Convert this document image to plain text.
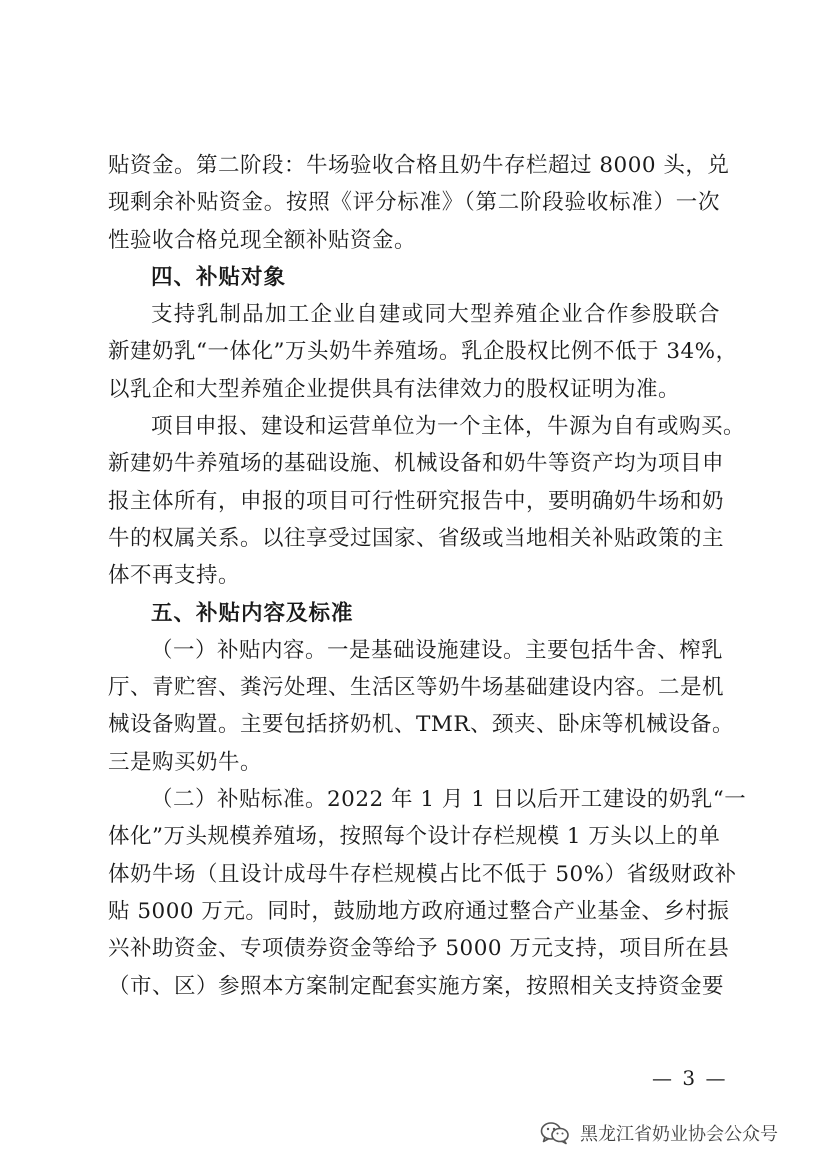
贴资金。第二阶段：牛场验收合格且奶牛存栏超过 8000 头，兑
现剩余补贴资金。按照《评分标准》（第二阶段验收标准）一次
性验收合格兑现全额补贴资金。
四、补贴对象
支持乳制品加工企业自建或同大型养殖企业合作参股联合
新建奶乳“一体化”万头奶牛养殖场。乳企股权比例不低于 34%，
以乳企和大型养殖企业提供具有法律效力的股权证明为准。
项目申报、建设和运营单位为一个主体，牛源为自有或购买。
新建奶牛养殖场的基础设施、机械设备和奶牛等资产均为项目申
报主体所有，申报的项目可行性研究报告中，要明确奶牛场和奶
牛的权属关系。以往享受过国家、省级或当地相关补贴政策的主
体不再支持。
五、补贴内容及标准
（一）补贴内容。一是基础设施建设。主要包括牛舍、榨乳
厅、青贮窖、粪污处理、生活区等奶牛场基础建设内容。二是机
械设备购置。主要包括挤奶机、TMR、颈夹、卧床等机械设备。
三是购买奶牛。
（二）补贴标准。2022 年 1 月 1 日以后开工建设的奶乳“一
体化”万头规模养殖场，按照每个设计存栏规模 1 万头以上的单
体奶牛场（且设计成母牛存栏规模占比不低于 50%）省级财政补
贴 5000 万元。同时，鼓励地方政府通过整合产业基金、乡村振
兴补助资金、专项债券资金等给予 5000 万元支持，项目所在县
（市、区）参照本方案制定配套实施方案，按照相关支持资金要
— 3 —
黑龙江省奶业协会公众号
